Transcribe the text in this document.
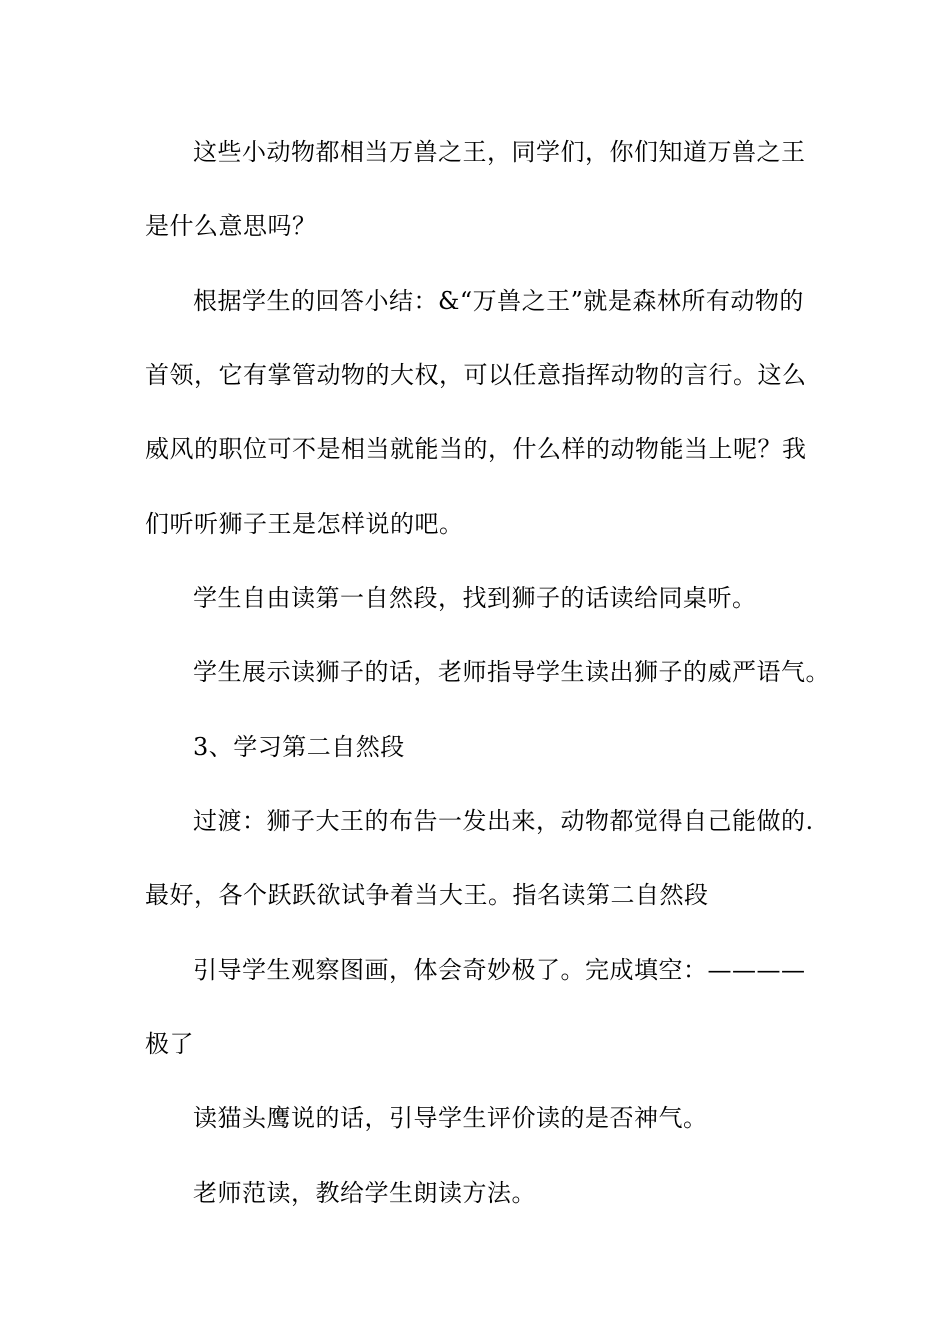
这些小动物都相当万兽之王，同学们，你们知道万兽之王
是什么意思吗？
根据学生的回答小结：&“万兽之王”就是森林所有动物的
首领，它有掌管动物的大权，可以任意指挥动物的言行。这么
威风的职位可不是相当就能当的，什么样的动物能当上呢？我
们听听狮子王是怎样说的吧。
学生自由读第一自然段，找到狮子的话读给同桌听。
学生展示读狮子的话，老师指导学生读出狮子的威严语气。
3、学习第二自然段
过渡：狮子大王的布告一发出来，动物都觉得自己能做的.
最好，各个跃跃欲试争着当大王。指名读第二自然段
引导学生观察图画，体会奇妙极了。完成填空：————
极了
读猫头鹰说的话，引导学生评价读的是否神气。
老师范读，教给学生朗读方法。
